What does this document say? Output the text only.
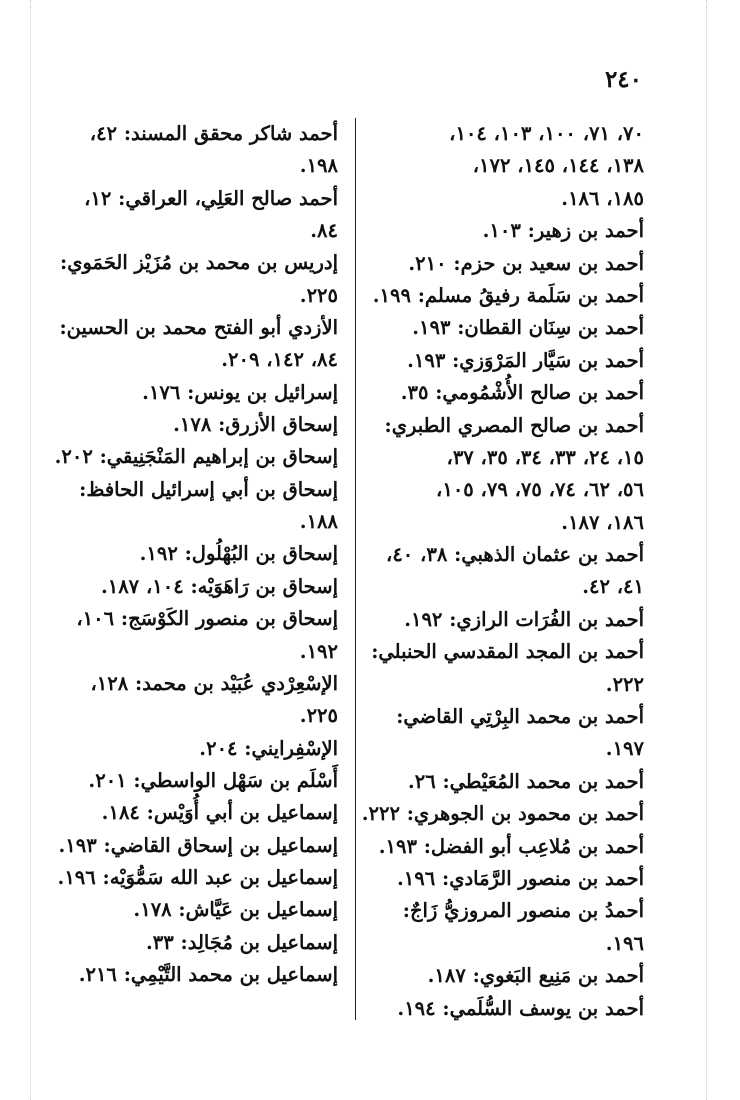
٢٤٠
٧٠، ٧١، ١٠٠، ١٠٣، ١٠٤،
١٣٨، ١٤٤، ١٤٥، ١٧٢،
١٨٥، ١٨٦.
أحمد بن زهير: ١٠٣.
أحمد بن سعيد بن حزم: ٢١٠.
أحمد بن سَلَمة رفيقُ مسلم: ١٩٩.
أحمد بن سِنَان القطان: ١٩٣.
أحمد بن سَيَّار المَرْوَزي: ١٩٣.
أحمد بن صالح الأُشْمُومي: ٣٥.
أحمد بن صالح المصري الطبري:
١٥، ٢٤، ٣٣، ٣٤، ٣٥، ٣٧،
٥٦، ٦٢، ٧٤، ٧٥، ٧٩، ١٠٥،
١٨٦، ١٨٧.
أحمد بن عثمان الذهبي: ٣٨، ٤٠،
٤١، ٤٢.
أحمد بن الفُرَات الرازي: ١٩٢.
أحمد بن المجد المقدسي الحنبلي:
٢٢٢.
أحمد بن محمد البِرْتِي القاضي:
١٩٧.
أحمد بن محمد المُعَيْطي: ٢٦.
أحمد بن محمود بن الجوهري: ٢٢٢.
أحمد بن مُلاعِب أبو الفضل: ١٩٣.
أحمد بن منصور الرَّمَادي: ١٩٦.
أحمدُ بن منصور المروزيُّ زَاجٌ:
١٩٦.
أحمد بن مَنِيع البَغوي: ١٨٧.
أحمد بن يوسف السُّلَمي: ١٩٤.
أحمد شاكر محقق المسند: ٤٢،
١٩٨.
أحمد صالح العَلِي، العراقي: ١٢،
٨٤.
إدريس بن محمد بن مُزَيْز الحَمَوي:
٢٢٥.
الأزدي أبو الفتح محمد بن الحسين:
٨٤، ١٤٢، ٢٠٩.
إسرائيل بن يونس: ١٧٦.
إسحاق الأزرق: ١٧٨.
إسحاق بن إبراهيم المَنْجَنِيقي: ٢٠٢.
إسحاق بن أبي إسرائيل الحافظ:
١٨٨.
إسحاق بن البُهْلُول: ١٩٢.
إسحاق بن رَاهَوَيْه: ١٠٤، ١٨٧.
إسحاق بن منصور الكَوْسَج: ١٠٦،
١٩٢.
الإسْعِرْدي عُبَيْد بن محمد: ١٢٨،
٢٢٥.
الإسْفِرايني: ٢٠٤.
أَسْلَم بن سَهْل الواسطي: ٢٠١.
إسماعيل بن أبي أُوَيْس: ١٨٤.
إسماعيل بن إسحاق القاضي: ١٩٣.
إسماعيل بن عبد الله سَمُّوَيْه: ١٩٦.
إسماعيل بن عَيَّاش: ١٧٨.
إسماعيل بن مُجَالِد: ٣٣.
إسماعيل بن محمد التَّيْمِي: ٢١٦.
